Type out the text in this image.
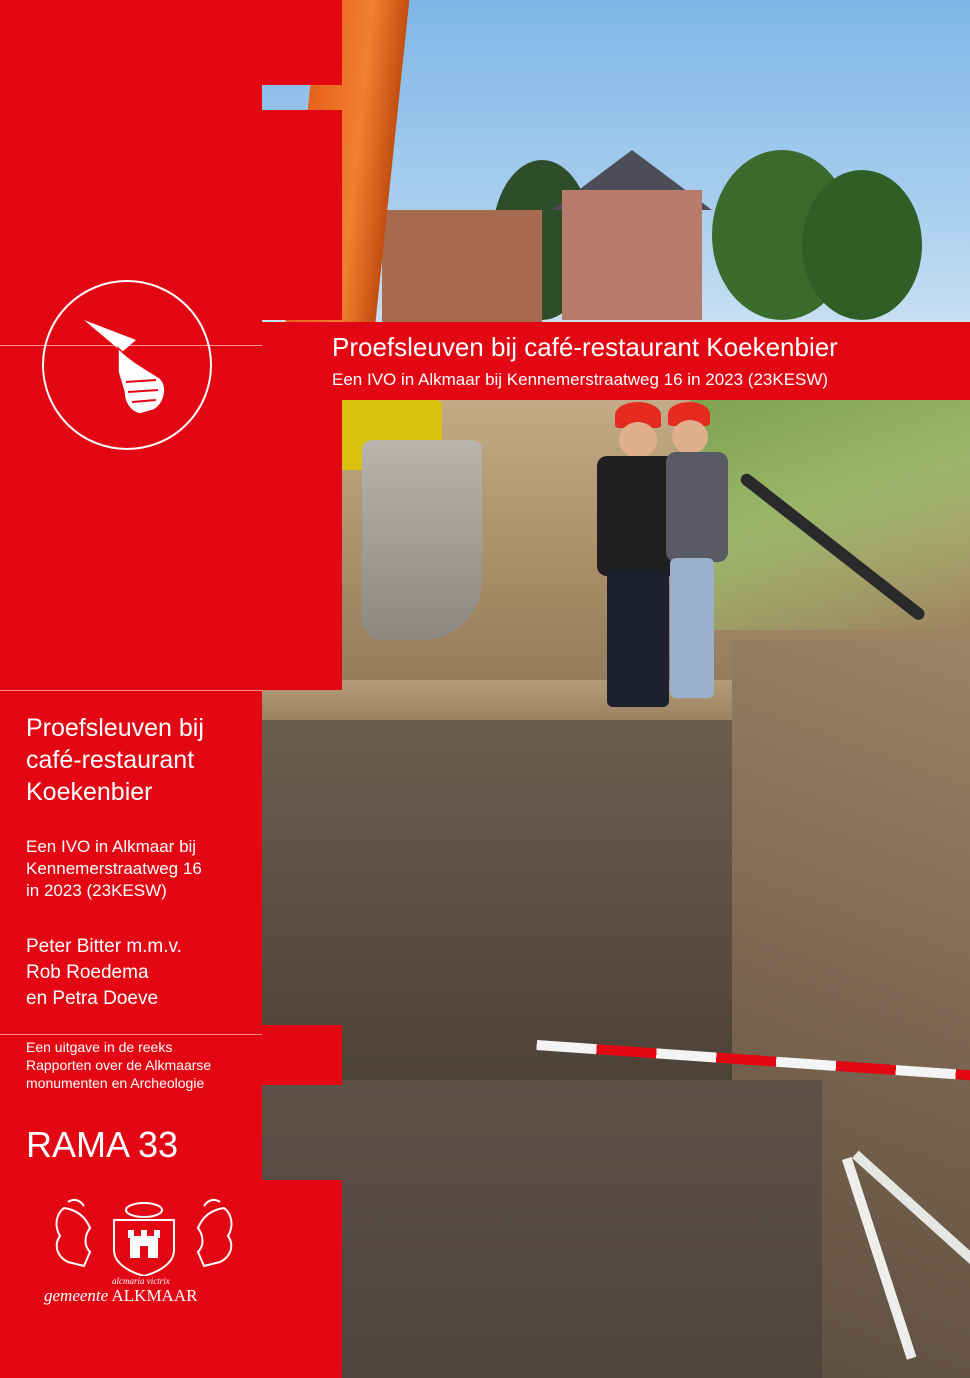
Proefsleuven bij café-restaurant Koekenbier
Een IVO in Alkmaar bij Kennemerstraatweg 16 in 2023 (23KESW)
Proefsleuven bij
café-restaurant
Koekenbier
Een IVO in Alkmaar bij
Kennemerstraatweg 16
in 2023 (23KESW)
Peter Bitter m.m.v.
Rob Roedema
en Petra Doeve
Een uitgave in de reeks
Rapporten over de Alkmaarse
monumenten en Archeologie
RAMA 33
alcmaria victrix
gemeente ALKMAAR
